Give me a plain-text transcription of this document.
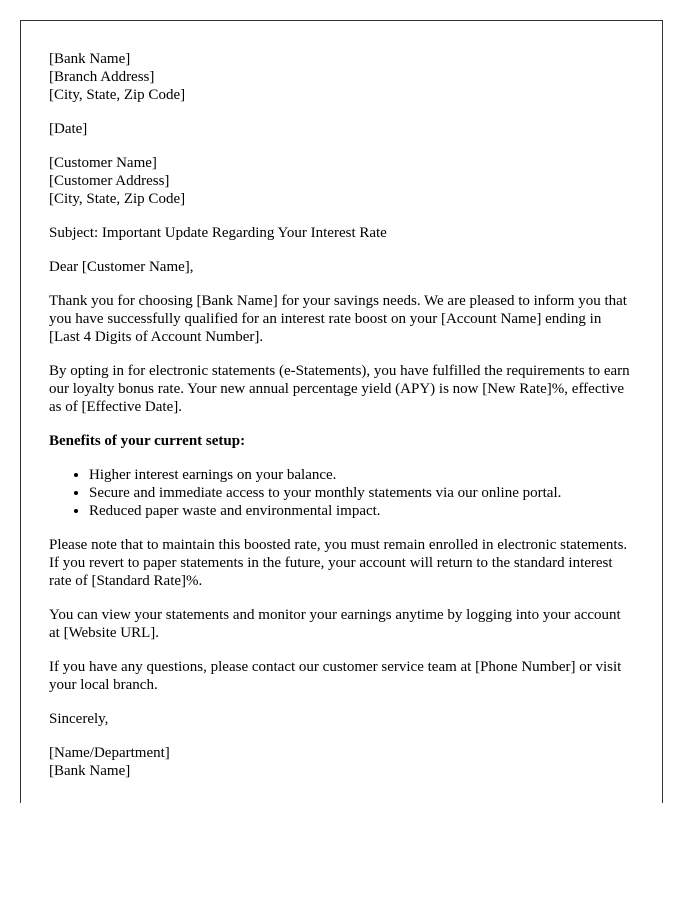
[Bank Name]
[Branch Address]
[City, State, Zip Code]

[Date]

[Customer Name]
[Customer Address]
[City, State, Zip Code]

Subject: Important Update Regarding Your Interest Rate

Dear [Customer Name],

Thank you for choosing [Bank Name] for your savings needs. We are pleased to inform you that you have successfully qualified for an interest rate boost on your [Account Name] ending in [Last 4 Digits of Account Number].

By opting in for electronic statements (e-Statements), you have fulfilled the requirements to earn our loyalty bonus rate. Your new annual percentage yield (APY) is now [New Rate]%, effective as of [Effective Date].

Benefits of your current setup:

• Higher interest earnings on your balance.
• Secure and immediate access to your monthly statements via our online portal.
• Reduced paper waste and environmental impact.

Please note that to maintain this boosted rate, you must remain enrolled in electronic statements. If you revert to paper statements in the future, your account will return to the standard interest rate of [Standard Rate]%.

You can view your statements and monitor your earnings anytime by logging into your account at [Website URL].

If you have any questions, please contact our customer service team at [Phone Number] or visit your local branch.

Sincerely,

[Name/Department]
[Bank Name]
